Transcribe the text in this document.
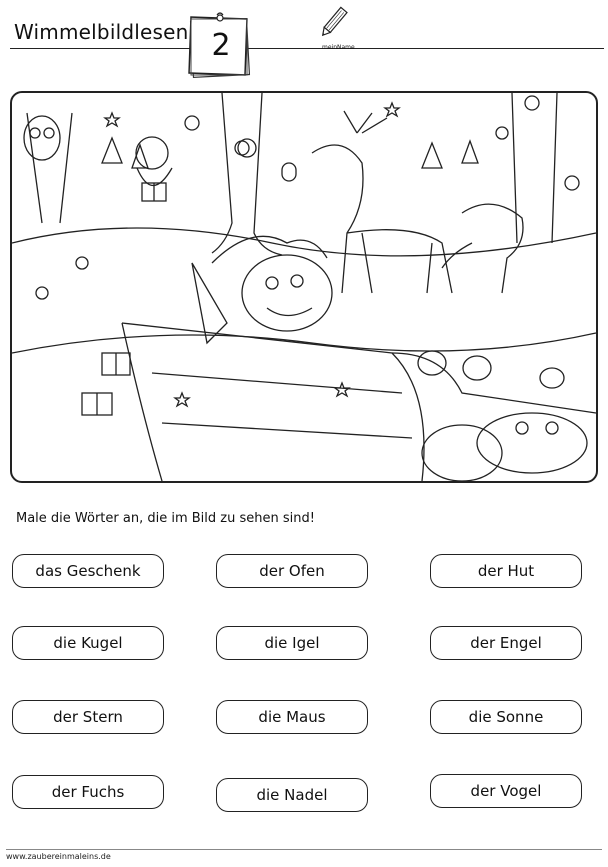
Wimmelbildlesen 2	meinName
Male die Wörter an, die im Bild zu sehen sind!
das Geschenk	der Ofen	der Hut
die Kugel	die Igel	der Engel
der Stern	die Maus	die Sonne
der Fuchs	die Nadel	der Vogel
www.zaubereinmaleins.de
